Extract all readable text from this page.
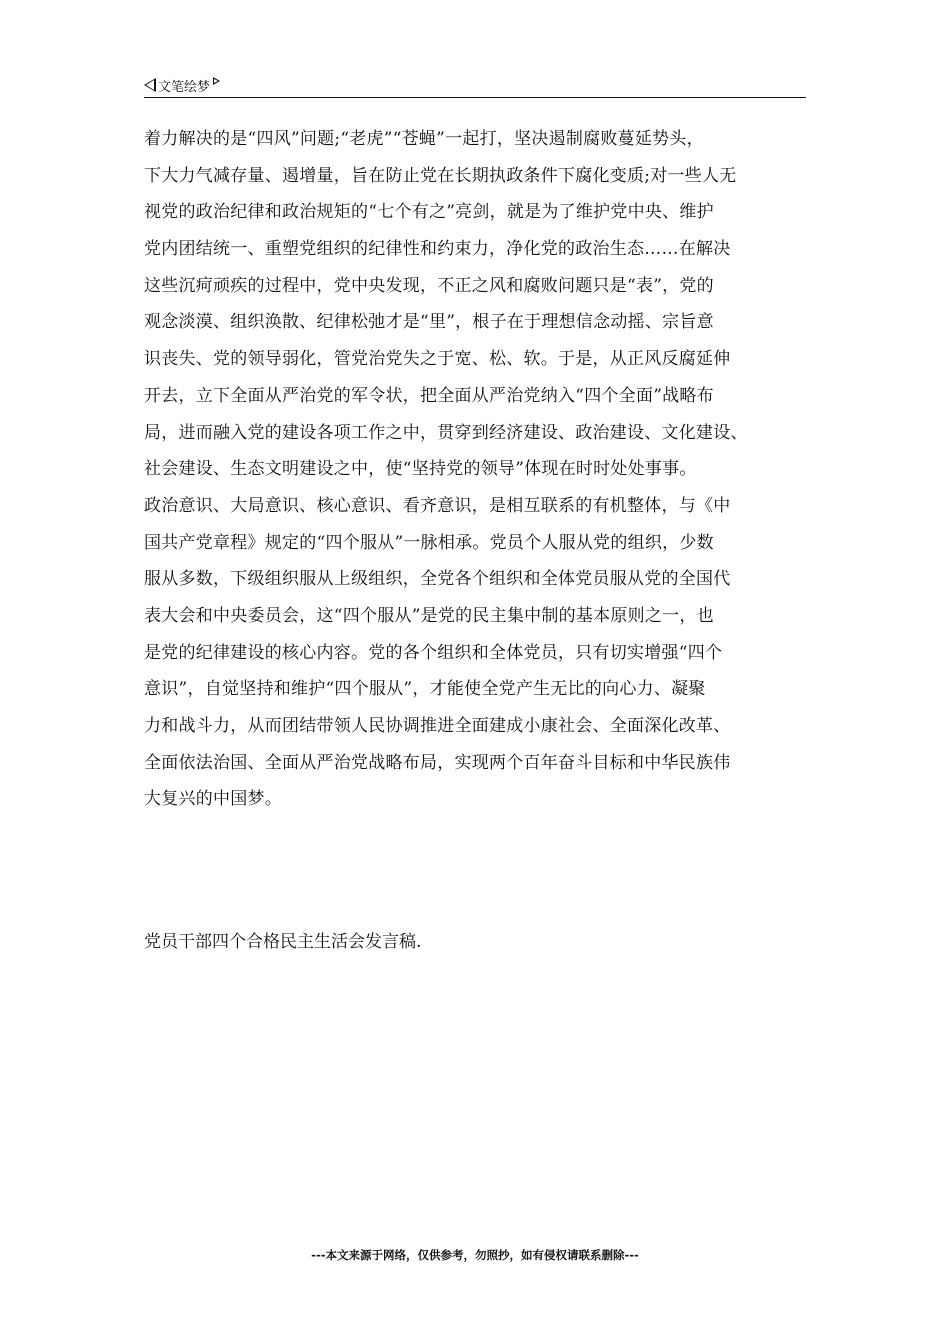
文笔绘梦
着力解决的是“四风”问题;“老虎”“苍蝇”一起打，坚决遏制腐败蔓延势头，
下大力气减存量、遏增量，旨在防止党在长期执政条件下腐化变质;对一些人无
视党的政治纪律和政治规矩的“七个有之”亮剑，就是为了维护党中央、维护
党内团结统一、重塑党组织的纪律性和约束力，净化党的政治生态……在解决
这些沉疴顽疾的过程中，党中央发现，不正之风和腐败问题只是“表”，党的
观念淡漠、组织涣散、纪律松弛才是“里”，根子在于理想信念动摇、宗旨意
识丧失、党的领导弱化，管党治党失之于宽、松、软。于是，从正风反腐延伸
开去，立下全面从严治党的军令状，把全面从严治党纳入“四个全面”战略布
局，进而融入党的建设各项工作之中，贯穿到经济建设、政治建设、文化建设、
社会建设、生态文明建设之中，使“坚持党的领导”体现在时时处处事事。
政治意识、大局意识、核心意识、看齐意识，是相互联系的有机整体，与《中
国共产党章程》规定的“四个服从”一脉相承。党员个人服从党的组织，少数
服从多数，下级组织服从上级组织，全党各个组织和全体党员服从党的全国代
表大会和中央委员会，这“四个服从”是党的民主集中制的基本原则之一，也
是党的纪律建设的核心内容。党的各个组织和全体党员，只有切实增强“四个
意识”，自觉坚持和维护“四个服从”，才能使全党产生无比的向心力、凝聚
力和战斗力，从而团结带领人民协调推进全面建成小康社会、全面深化改革、
全面依法治国、全面从严治党战略布局，实现两个百年奋斗目标和中华民族伟
大复兴的中国梦。
党员干部四个合格民主生活会发言稿.
---本文来源于网络，仅供参考，勿照抄，如有侵权请联系删除---
